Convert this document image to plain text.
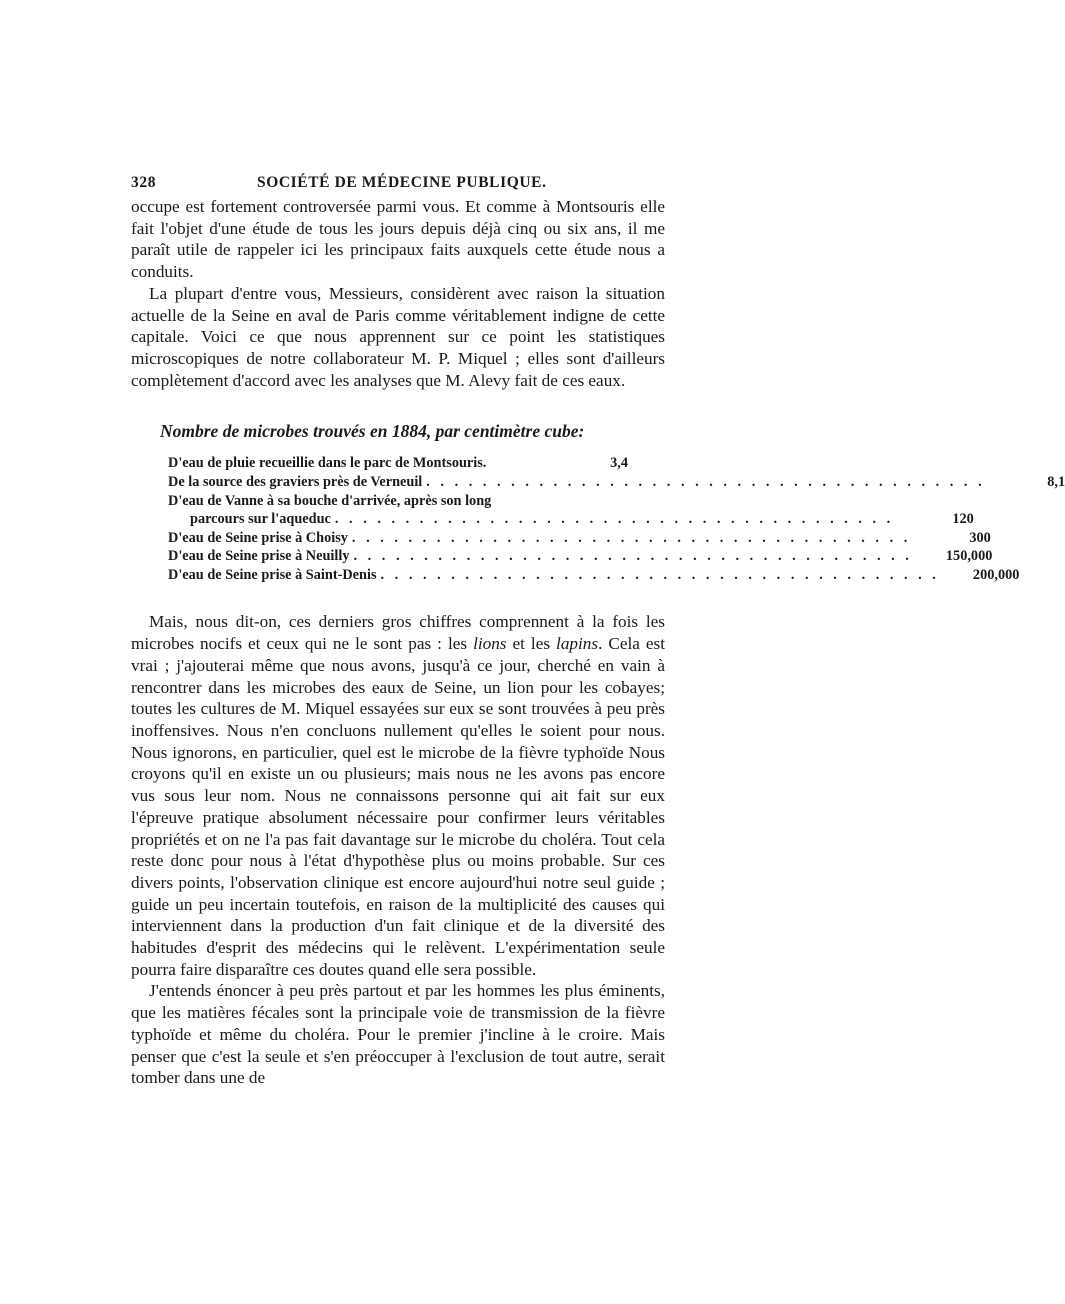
328	SOCIÉTÉ DE MÉDECINE PUBLIQUE.

occupe est fortement controversée parmi vous. Et comme à Montsouris elle fait l'objet d'une étude de tous les jours depuis déjà cinq ou six ans, il me paraît utile de rappeler ici les principaux faits auxquels cette étude nous a conduits.

La plupart d'entre vous, Messieurs, considèrent avec raison la situation actuelle de la Seine en aval de Paris comme véritablement indigne de cette capitale. Voici ce que nous apprennent sur ce point les statistiques microscopiques de notre collaborateur M. P. Miquel ; elles sont d'ailleurs complètement d'accord avec les analyses que M. Alevy fait de ces eaux.

Nombre de microbes trouvés en 1884, par centimètre cube:
D'eau de pluie recueillie dans le parc de Montsouris.	3,4
De la source des graviers près de Verneuil . . . . . . . . . . . . . . . . . . . . . . . . . . . . . . . . . . . . . . . .	8,1
D'eau de Vanne à sa bouche d'arrivée, après son long
parcours sur l'aqueduc . . . . . . . . . . . . . . . . . . . . . . . . . . . . . . . . . . . . . . . .	120
D'eau de Seine prise à Choisy . . . . . . . . . . . . . . . . . . . . . . . . . . . . . . . . . . . . . . . .	300
D'eau de Seine prise à Neuilly . . . . . . . . . . . . . . . . . . . . . . . . . . . . . . . . . . . . . . . .	150,000
D'eau de Seine prise à Saint-Denis . . . . . . . . . . . . . . . . . . . . . . . . . . . . . . . . . . . . . . . .	200,000

Mais, nous dit-on, ces derniers gros chiffres comprennent à la fois les microbes nocifs et ceux qui ne le sont pas : les lions et les lapins. Cela est vrai ; j'ajouterai même que nous avons, jusqu'à ce jour, cherché en vain à rencontrer dans les microbes des eaux de Seine, un lion pour les cobayes; toutes les cultures de M. Miquel essayées sur eux se sont trouvées à peu près inoffensives. Nous n'en concluons nullement qu'elles le soient pour nous. Nous ignorons, en particulier, quel est le microbe de la fièvre typhoïde Nous croyons qu'il en existe un ou plusieurs; mais nous ne les avons pas encore vus sous leur nom. Nous ne connaissons personne qui ait fait sur eux l'épreuve pratique absolument nécessaire pour confirmer leurs véritables propriétés et on ne l'a pas fait davantage sur le microbe du choléra. Tout cela reste donc pour nous à l'état d'hypothèse plus ou moins probable. Sur ces divers points, l'observation clinique est encore aujourd'hui notre seul guide ; guide un peu incertain toutefois, en raison de la multiplicité des causes qui interviennent dans la production d'un fait clinique et de la diversité des habitudes d'esprit des médecins qui le relèvent. L'expérimentation seule pourra faire disparaître ces doutes quand elle sera possible.

J'entends énoncer à peu près partout et par les hommes les plus éminents, que les matières fécales sont la principale voie de transmission de la fièvre typhoïde et même du choléra. Pour le premier j'incline à le croire. Mais penser que c'est la seule et s'en préoccuper à l'exclusion de tout autre, serait tomber dans une de
